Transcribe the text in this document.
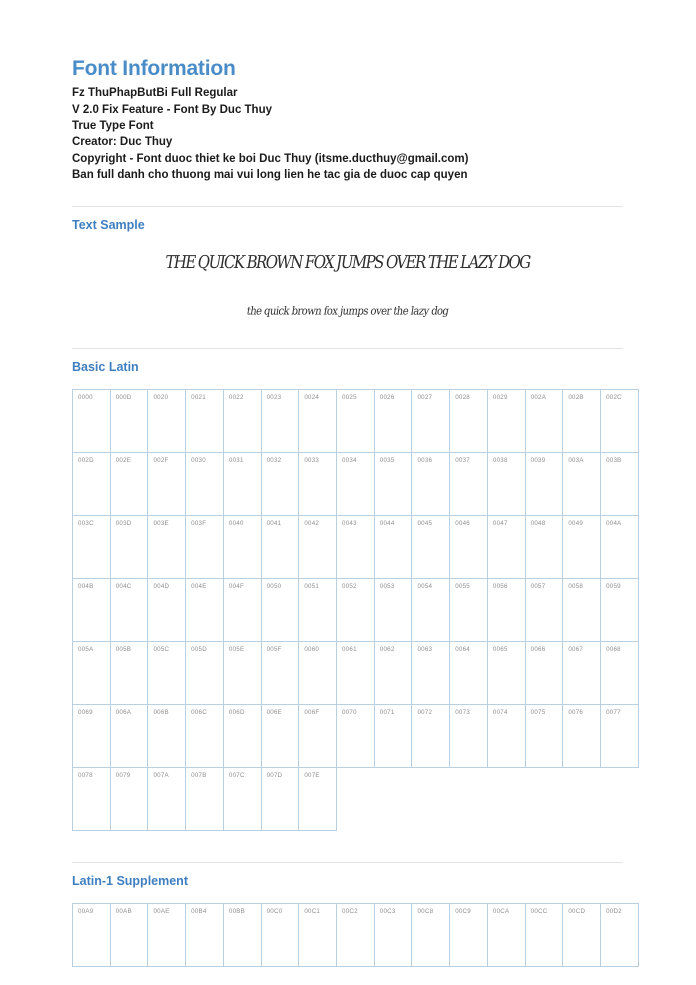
Font Information
Fz ThuPhapButBi Full Regular
V 2.0 Fix Feature - Font By Duc Thuy
True Type Font
Creator: Duc Thuy
Copyright - Font duoc thiet ke boi Duc Thuy (itsme.ducthuy@gmail.com)
Ban full danh cho thuong mai vui long lien he tac gia de duoc cap quyen
Text Sample
THE QUICK BROWN FOX JUMPS OVER THE LAZY DOG
the quick brown fox jumps over the lazy dog
Basic Latin
0000	000D	0020	0021	0022	0023	0024	0025	0026	0027	0028	0029	002A	002B	002C

002D	002E	002F	0030	0031	0032	0033	0034	0035	0036	0037	0038	0039	003A	003B

003C	003D	003E	003F	0040	0041	0042	0043	0044	0045	0046	0047	0048	0049	004A

004B	004C	004D	004E	004F	0050	0051	0052	0053	0054	0055	0056	0057	0058	0059

005A	005B	005C	005D	005E	005F	0060	0061	0062	0063	0064	0065	0066	0067	0068

0069	006A	006B	006C	006D	006E	006F	0070	0071	0072	0073	0074	0075	0076	0077

0078	0079	007A	007B	007C	007D	007E								

Latin-1 Supplement
00A9	00AB	00AE	00B4	00BB	00C0	00C1	00C2	00C3	00C8	00C9	00CA	00CC	00CD	00D2
